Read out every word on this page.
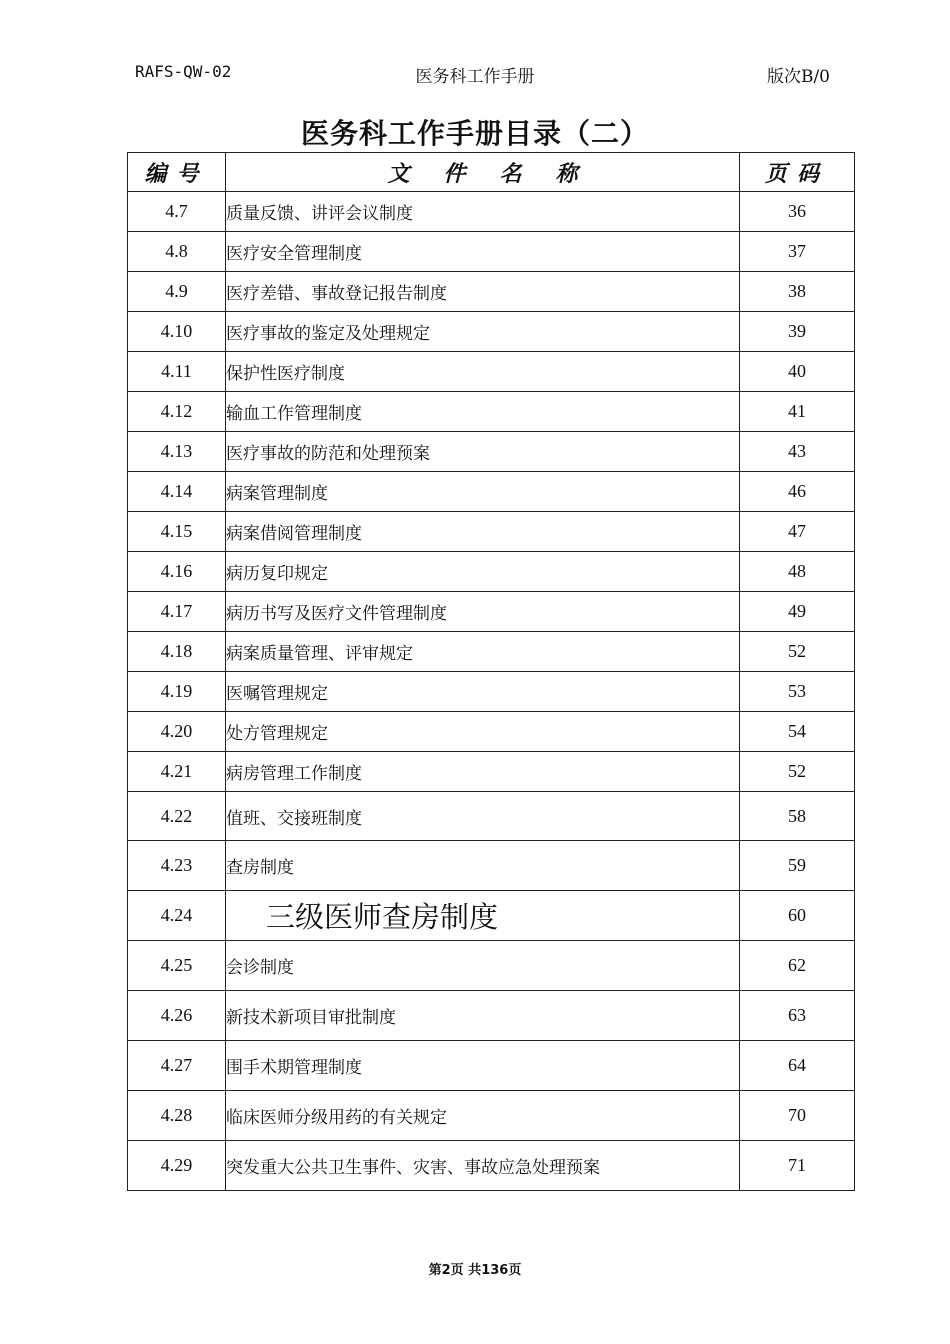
RAFS-QW-02	医务科工作手册	版次B/0
医务科工作手册目录（二）
编号	文件名称	页码
4.7	质量反馈、讲评会议制度	36
4.8	医疗安全管理制度	37
4.9	医疗差错、事故登记报告制度	38
4.10	医疗事故的鉴定及处理规定	39
4.11	保护性医疗制度	40
4.12	输血工作管理制度	41
4.13	医疗事故的防范和处理预案	43
4.14	病案管理制度	46
4.15	病案借阅管理制度	47
4.16	病历复印规定	48
4.17	病历书写及医疗文件管理制度	49
4.18	病案质量管理、评审规定	52
4.19	医嘱管理规定	53
4.20	处方管理规定	54
4.21	病房管理工作制度	52
4.22	值班、交接班制度	58
4.23	查房制度	59
4.24	三级医师查房制度	60
4.25	会诊制度	62
4.26	新技术新项目审批制度	63
4.27	围手术期管理制度	64
4.28	临床医师分级用药的有关规定	70
4.29	突发重大公共卫生事件、灾害、事故应急处理预案	71
第2页 共136页
